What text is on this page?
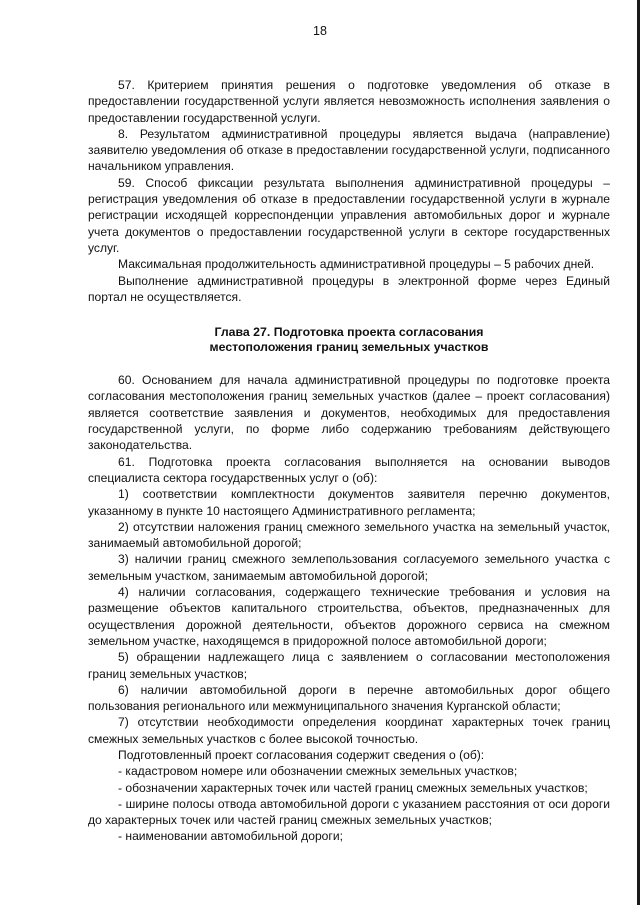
18

57. Критерием принятия решения о подготовке уведомления об отказе в предоставлении государственной услуги является невозможность исполнения заявления о предоставлении государственной услуги.

8. Результатом административной процедуры является выдача (направление) заявителю уведомления об отказе в предоставлении государственной услуги, подписанного начальником управления.

59. Способ фиксации результата выполнения административной процедуры – регистрация уведомления об отказе в предоставлении государственной услуги в журнале регистрации исходящей корреспонденции управления автомобильных дорог и журнале учета документов о предоставлении государственной услуги в секторе государственных услуг.

Максимальная продолжительность административной процедуры – 5 рабочих дней.

Выполнение административной процедуры в электронной форме через Единый портал не осуществляется.

Глава 27. Подготовка проекта согласования
местоположения границ земельных участков

60. Основанием для начала административной процедуры по подготовке проекта согласования местоположения границ земельных участков (далее – проект согласования) является соответствие заявления и документов, необходимых для предоставления государственной услуги, по форме либо содержанию требованиям действующего законодательства.

61. Подготовка проекта согласования выполняется на основании выводов специалиста сектора государственных услуг о (об):

1) соответствии комплектности документов заявителя перечню документов, указанному в пункте 10 настоящего Административного регламента;

2) отсутствии наложения границ смежного земельного участка на земельный участок, занимаемый автомобильной дорогой;

3) наличии границ смежного землепользования согласуемого земельного участка с земельным участком, занимаемым автомобильной дорогой;

4) наличии согласования, содержащего технические требования и условия на размещение объектов капитального строительства, объектов, предназначенных для осуществления дорожной деятельности, объектов дорожного сервиса на смежном земельном участке, находящемся в придорожной полосе автомобильной дороги;

5) обращении надлежащего лица с заявлением о согласовании местоположения границ земельных участков;

6) наличии автомобильной дороги в перечне автомобильных дорог общего пользования регионального или межмуниципального значения Курганской области;

7) отсутствии необходимости определения координат характерных точек границ смежных земельных участков с более высокой точностью.

Подготовленный проект согласования содержит сведения о (об):

- кадастровом номере или обозначении смежных земельных участков;

- обозначении характерных точек или частей границ смежных земельных участков;

- ширине полосы отвода автомобильной дороги с указанием расстояния от оси дороги до характерных точек или частей границ смежных земельных участков;

- наименовании автомобильной дороги;
